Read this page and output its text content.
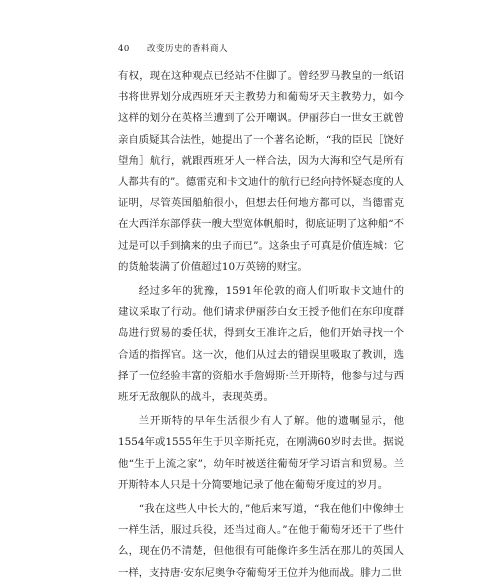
40 改变历史的香料商人

有权，现在这种观点已经站不住脚了。曾经罗马教皇的一纸诏书将世界划分成西班牙天主教势力和葡萄牙天主教势力，如今这样的划分在英格兰遭到了公开嘲讽。伊丽莎白一世女王就曾亲自质疑其合法性，她提出了一个著名论断，“我的臣民［饶好望角］航行，就跟西班牙人一样合法，因为大海和空气是所有人都共有的”。德雷克和卡文迪什的航行已经向持怀疑态度的人证明，尽管英国船舶很小，但想去任何地方都可以，当德雷克在大西洋东部俘获一艘大型宽体帆船时，彻底证明了这种船“不过是可以手到擒来的虫子而已”。这条虫子可真是价值连城：它的货舱装满了价值超过10万英镑的财宝。

经过多年的犹豫，1591年伦敦的商人们听取卡文迪什的建议采取了行动。他们请求伊丽莎白女王授予他们在东印度群岛进行贸易的委任状，得到女王准许之后，他们开始寻找一个合适的指挥官。这一次，他们从过去的错误里吸取了教训，选择了一位经验丰富的资船水手詹姆斯·兰开斯特，他参与过与西班牙无敌舰队的战斗，表现英勇。

兰开斯特的早年生活很少有人了解。他的遗嘱显示，他1554年或1555年生于贝辛斯托克，在刚满60岁时去世。据说他“生于上流之家”，幼年时被送往葡萄牙学习语言和贸易。兰开斯特本人只是十分简要地记录了他在葡萄牙度过的岁月。

“我在这些人中长大的，”他后来写道，“我在他们中像绅士一样生活，服过兵役，还当过商人。”在他于葡萄牙还干了些什么，现在仍不清楚，但他很有可能像许多生活在那儿的英国人一样，支持唐·安东尼奥争夺葡萄牙王位并为他而战。腓力二世
